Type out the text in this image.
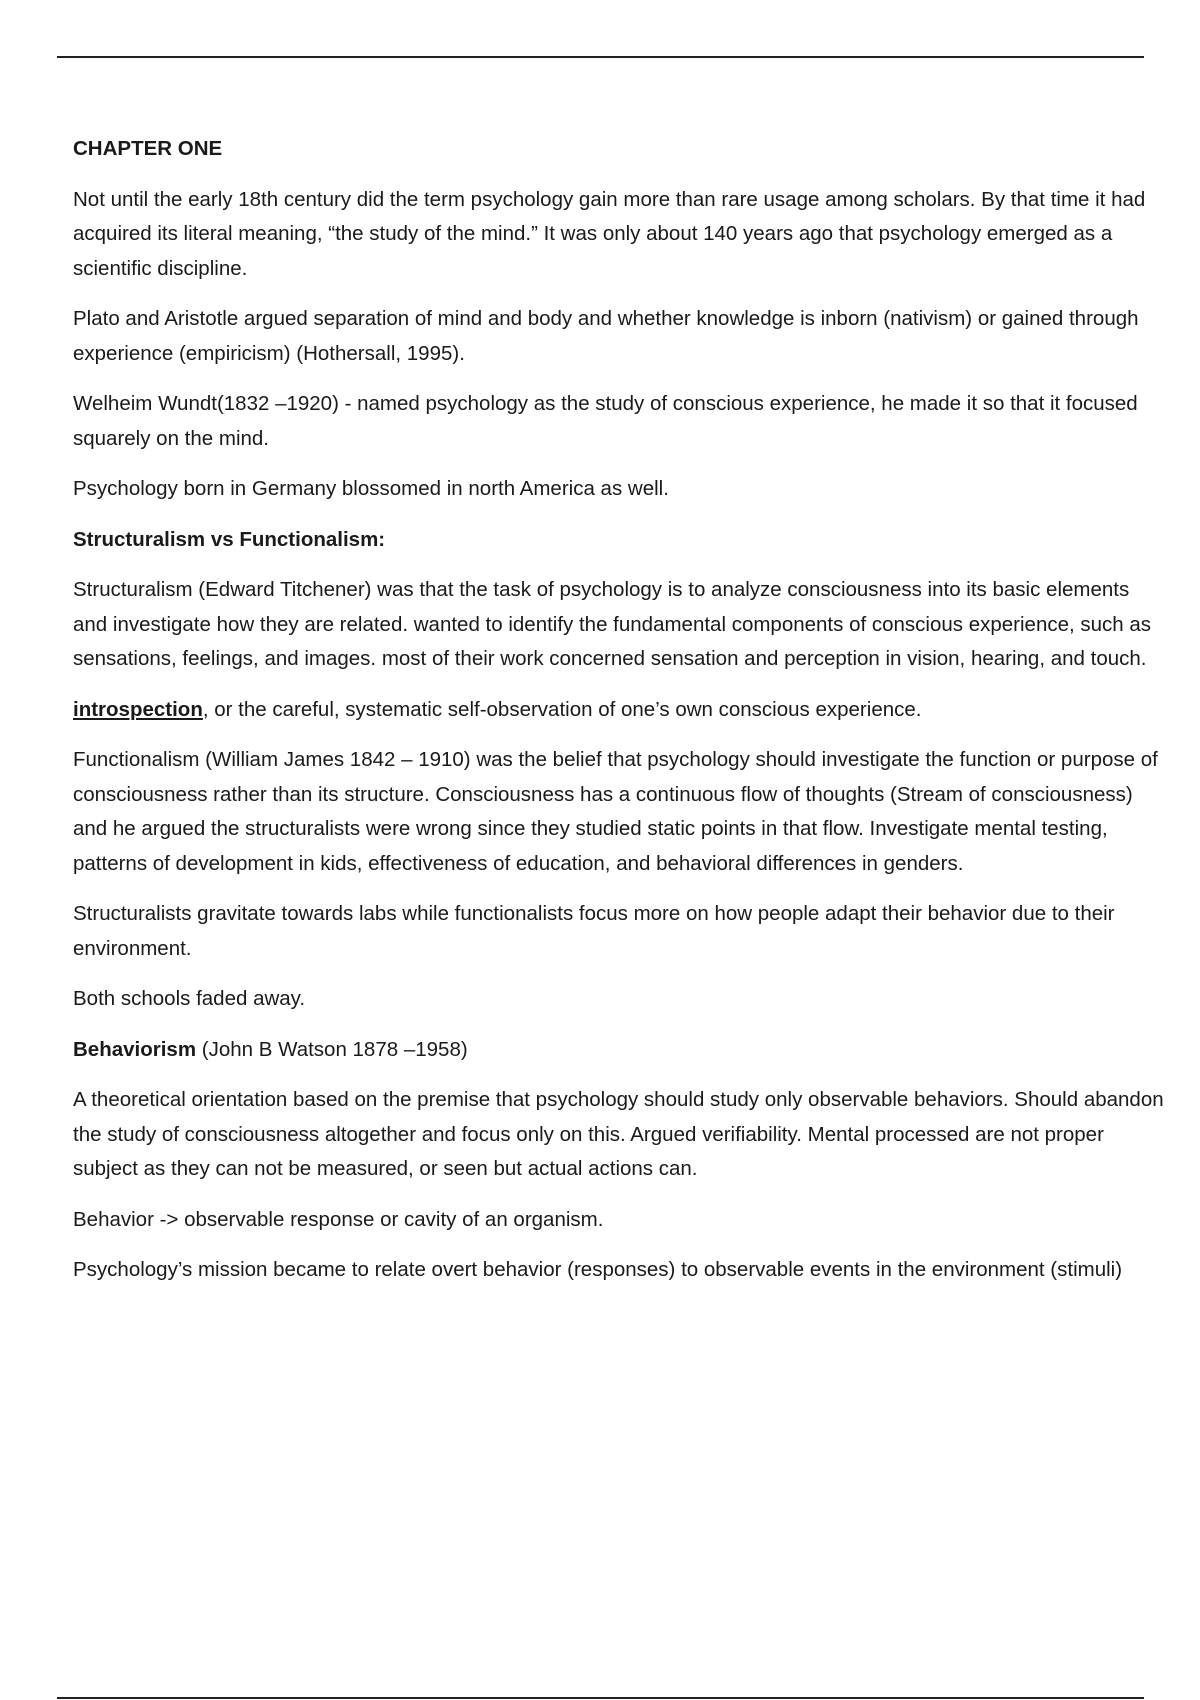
CHAPTER ONE

Not until the early 18th century did the term psychology gain more than rare usage among scholars. By that time it had acquired its literal meaning, “the study of the mind.” It was only about 140 years ago that psychology emerged as a scientific discipline.

Plato and Aristotle argued separation of mind and body and whether knowledge is inborn (nativism) or gained through experience (empiricism) (Hothersall, 1995).

Welheim Wundt(1832 –1920) - named psychology as the study of conscious experience, he made it so that it focused squarely on the mind.

Psychology born in Germany blossomed in north America as well.

Structuralism vs Functionalism:

Structuralism (Edward Titchener) was that the task of psychology is to analyze consciousness into its basic elements and investigate how they are related. wanted to identify the fundamental components of conscious experience, such as sensations, feelings, and images. most of their work concerned sensation and perception in vision, hearing, and touch.

introspection, or the careful, systematic self-observation of one’s own conscious experience.

Functionalism (William James 1842 – 1910) was the belief that psychology should investigate the function or purpose of consciousness rather than its structure. Consciousness has a continuous flow of thoughts (Stream of consciousness) and he argued the structuralists were wrong since they studied static points in that flow. Investigate mental testing, patterns of development in kids, effectiveness of education, and behavioral differences in genders.

Structuralists gravitate towards labs while functionalists focus more on how people adapt their behavior due to their environment.

Both schools faded away.

Behaviorism (John B Watson 1878 –1958)

A theoretical orientation based on the premise that psychology should study only observable behaviors. Should abandon the study of consciousness altogether and focus only on this. Argued verifiability. Mental processed are not proper subject as they can not be measured, or seen but actual actions can.

Behavior -> observable response or cavity of an organism.

Psychology’s mission became to relate overt behavior (responses) to observable events in the environment (stimuli)
